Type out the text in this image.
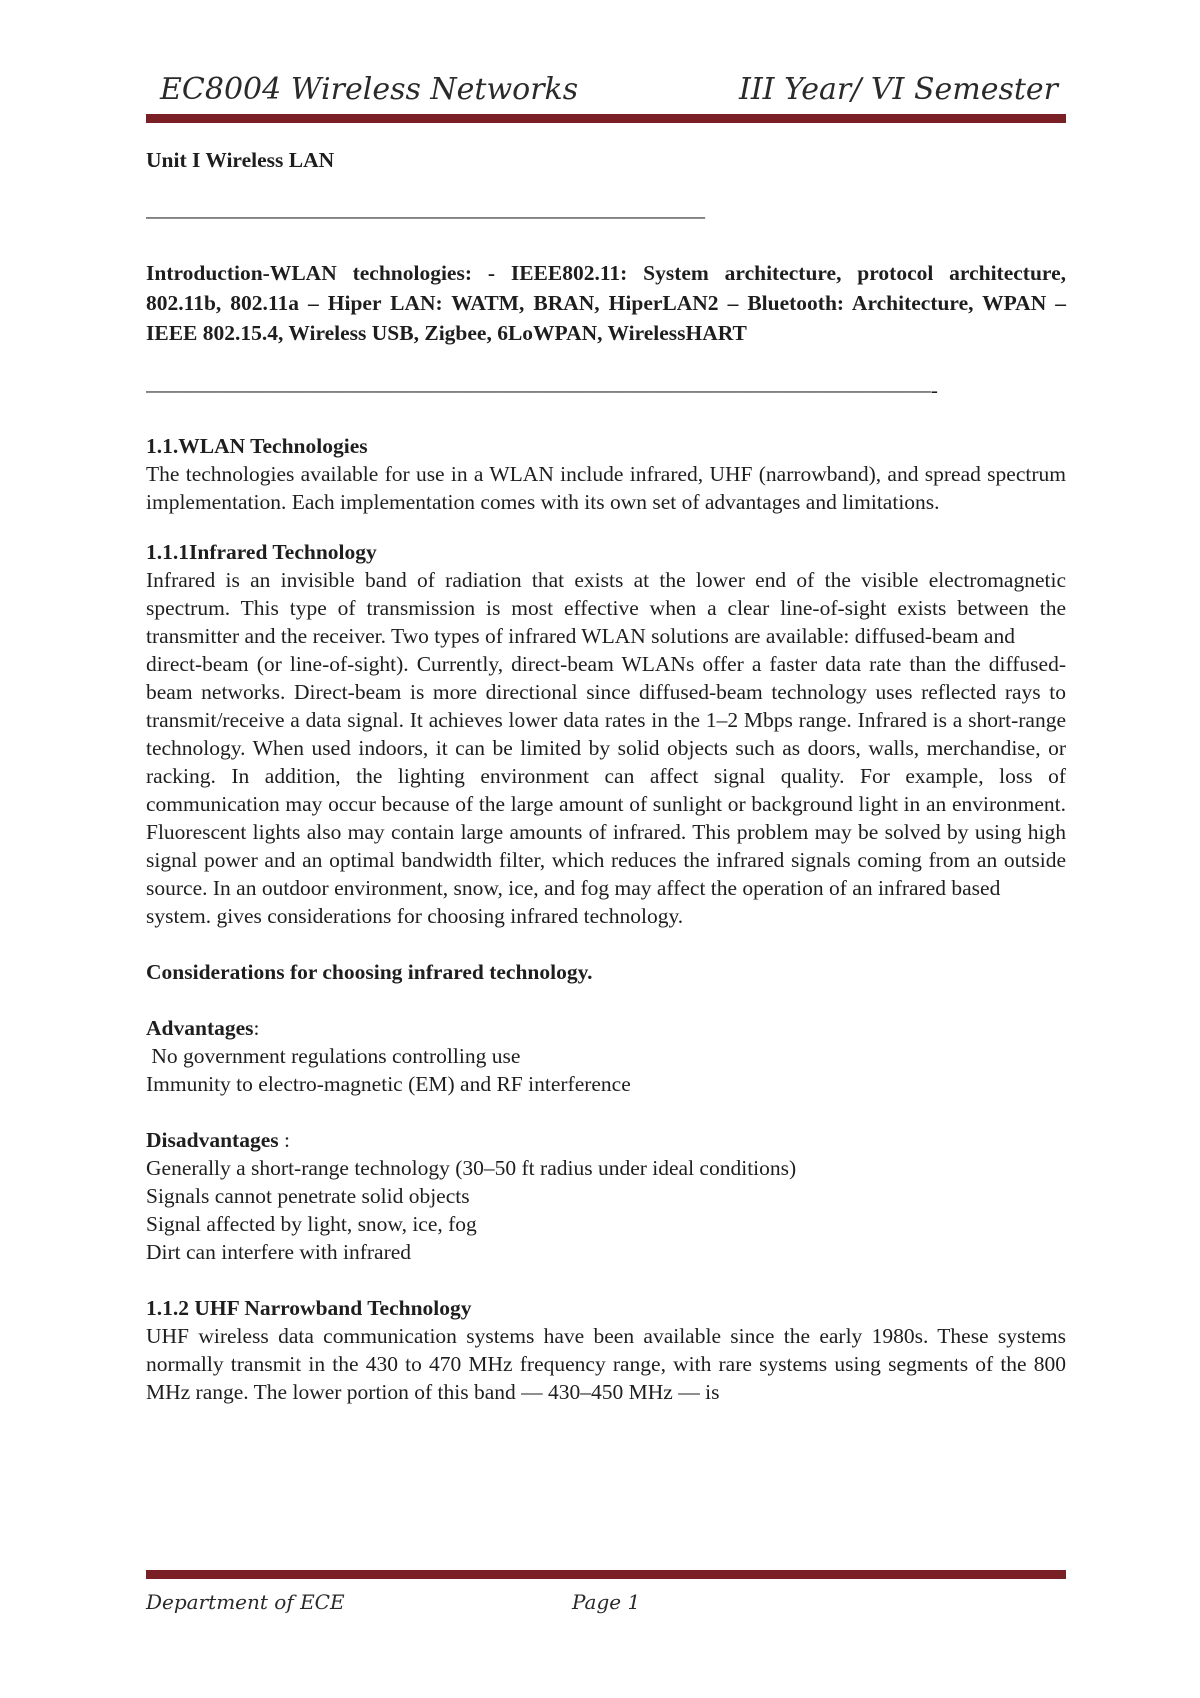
EC8004 Wireless Networks	III Year/ VI Semester

Unit I Wireless LAN

––––––––––––––––––––––––––––––––––––––––––––––––––––

Introduction-WLAN technologies: - IEEE802.11: System architecture, protocol architecture, 802.11b, 802.11a – Hiper LAN: WATM, BRAN, HiperLAN2 – Bluetooth: Architecture, WPAN – IEEE 802.15.4, Wireless USB, Zigbee, 6LoWPAN, WirelessHART

–––––––––––––––––––––––––––––––––––––––––––––––––––––––––––––––––––––––––-

1.1.WLAN Technologies

The technologies available for use in a WLAN include infrared, UHF (narrowband), and spread spectrum implementation. Each implementation comes with its own set of advantages and limitations.

1.1.1Infrared Technology

Infrared is an invisible band of radiation that exists at the lower end of the visible electromagnetic spectrum. This type of transmission is most effective when a clear line-of-sight exists between the transmitter and the receiver. Two types of infrared WLAN solutions are available: diffused-beam and

direct-beam (or line-of-sight). Currently, direct-beam WLANs offer a faster data rate than the diffused-beam networks. Direct-beam is more directional since diffused-beam technology uses reflected rays to transmit/receive a data signal. It achieves lower data rates in the 1–2 Mbps range. Infrared is a short-range technology. When used indoors, it can be limited by solid objects such as doors, walls, merchandise, or racking. In addition, the lighting environment can affect signal quality. For example, loss of communication may occur because of the large amount of sunlight or background light in an environment. Fluorescent lights also may contain large amounts of infrared. This problem may be solved by using high signal power and an optimal bandwidth filter, which reduces the infrared signals coming from an outside source. In an outdoor environment, snow, ice, and fog may affect the operation of an infrared based

system. gives considerations for choosing infrared technology.

Considerations for choosing infrared technology.

Advantages:

No government regulations controlling use

Immunity to electro-magnetic (EM) and RF interference

Disadvantages :

Generally a short-range technology (30–50 ft radius under ideal conditions)

Signals cannot penetrate solid objects

Signal affected by light, snow, ice, fog

Dirt can interfere with infrared

1.1.2 UHF Narrowband Technology

UHF wireless data communication systems have been available since the early 1980s. These systems normally transmit in the 430 to 470 MHz frequency range, with rare systems using segments of the 800 MHz range. The lower portion of this band — 430–450 MHz — is

Department of ECE	Page 1
